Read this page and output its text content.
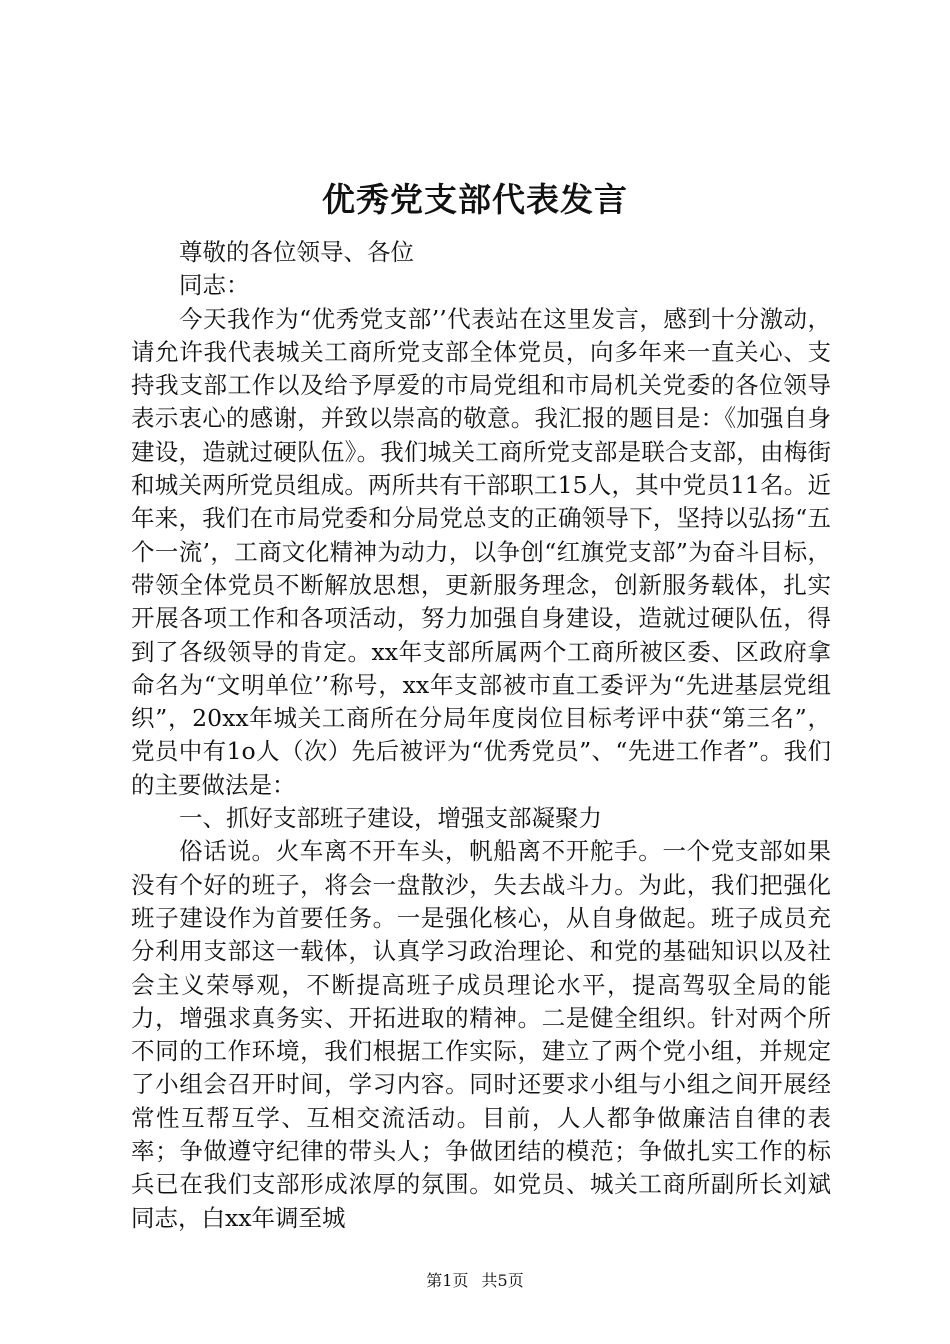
优秀党支部代表发言

尊敬的各位领导、各位

同志：

今天我作为“优秀党支部’’代表站在这里发言，感到十分激动，请允许我代表城关工商所党支部全体党员，向多年来一直关心、支持我支部工作以及给予厚爱的市局党组和市局机关党委的各位领导表示衷心的感谢，并致以崇高的敬意。我汇报的题目是：《加强自身建设，造就过硬队伍》。我们城关工商所党支部是联合支部，由梅街和城关两所党员组成。两所共有干部职工15人，其中党员11名。近年来，我们在市局党委和分局党总支的正确领导下，坚持以弘扬“五个一流’，工商文化精神为动力，以争创“红旗党支部”为奋斗目标，带领全体党员不断解放思想，更新服务理念，创新服务载体，扎实开展各项工作和各项活动，努力加强自身建设，造就过硬队伍，得到了各级领导的肯定。xx年支部所属两个工商所被区委、区政府拿命名为“文明单位’’称号，xx年支部被市直工委评为“先进基层党组织”，20xx年城关工商所在分局年度岗位目标考评中获“第三名”，党员中有1o人（次）先后被评为“优秀党员”、“先进工作者”。我们的主要做法是：

一、抓好支部班子建设，增强支部凝聚力

俗话说。火车离不开车头，帆船离不开舵手。一个党支部如果没有个好的班子，将会一盘散沙，失去战斗力。为此，我们把强化班子建设作为首要任务。一是强化核心，从自身做起。班子成员充分利用支部这一载体，认真学习政治理论、和党的基础知识以及社会主义荣辱观，不断提高班子成员理论水平，提高驾驭全局的能力，增强求真务实、开拓进取的精神。二是健全组织。针对两个所不同的工作环境，我们根据工作实际，建立了两个党小组，并规定了小组会召开时间，学习内容。同时还要求小组与小组之间开展经常性互帮互学、互相交流活动。目前，人人都争做廉洁自律的表率；争做遵守纪律的带头人；争做团结的模范；争做扎实工作的标兵已在我们支部形成浓厚的氛围。如党员、城关工商所副所长刘斌同志，白xx年调至城

第1页 共5页
